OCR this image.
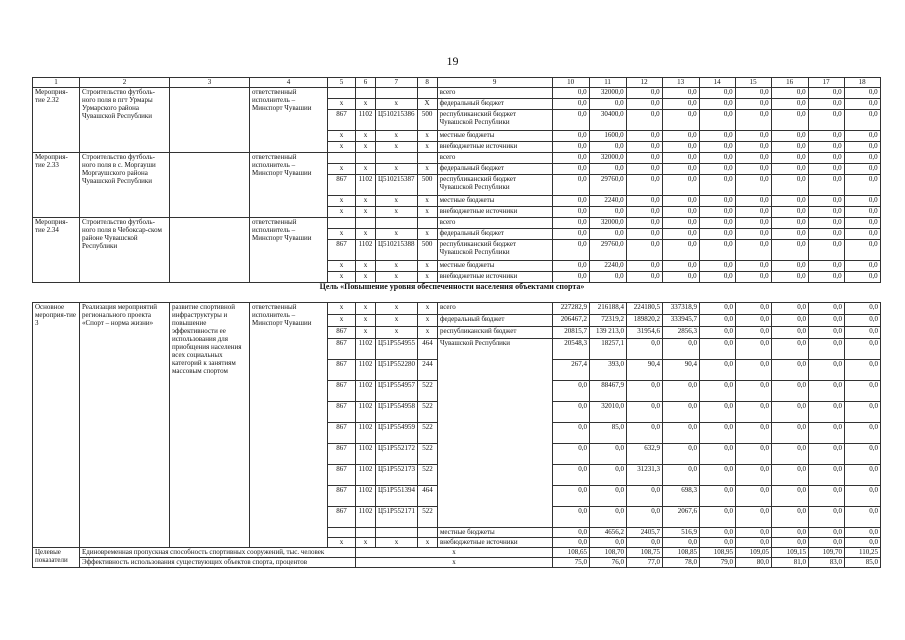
19
1	2	3	4	5	6	7	8	9	10	11	12	13	14	15	16	17	18
Мероприя-тие 2.32	Строительство футболь-ного поля в пгт Урмары Урмарского района Чувашской Республики		ответственный исполнитель – Минспорт Чувашии					всего	0,0	32000,0	0,0	0,0	0,0	0,0	0,0	0,0	0,0
				x	x	x	X	федеральный бюджет	0,0	0,0	0,0	0,0	0,0	0,0	0,0	0,0	0,0
				867	1102	Ц510215386	500	республиканский бюджет Чувашской Республики	0,0	30400,0	0,0	0,0	0,0	0,0	0,0	0,0	0,0
				x	x	x	x	местные бюджеты	0,0	1600,0	0,0	0,0	0,0	0,0	0,0	0,0	0,0
				x	x	x	x	внебюджетные источники	0,0	0,0	0,0	0,0	0,0	0,0	0,0	0,0	0,0
Мероприя-тие 2.33	Строительство футболь-ного поля в с. Моргауши Моргаушского района Чувашской Республики		ответственный исполнитель – Минспорт Чувашии					всего	0,0	32000,0	0,0	0,0	0,0	0,0	0,0	0,0	0,0
				x	x	x	x	федеральный бюджет	0,0	0,0	0,0	0,0	0,0	0,0	0,0	0,0	0,0
				867	1102	Ц510215387	500	республиканский бюджет Чувашской Республики	0,0	29760,0	0,0	0,0	0,0	0,0	0,0	0,0	0,0
				x	x	x	x	местные бюджеты	0,0	2240,0	0,0	0,0	0,0	0,0	0,0	0,0	0,0
				x	x	x	x	внебюджетные источники	0,0	0,0	0,0	0,0	0,0	0,0	0,0	0,0	0,0
Мероприя-тие 2.34	Строительство футболь-ного поля в Чебоксар-ском районе Чувашской Республики		ответственный исполнитель – Минспорт Чувашии					всего	0,0	32000,0	0,0	0,0	0,0	0,0	0,0	0,0	0,0
				x	x	x	x	федеральный бюджет	0,0	0,0	0,0	0,0	0,0	0,0	0,0	0,0	0,0
				867	1102	Ц510215388	500	республиканский бюджет Чувашской Республики	0,0	29760,0	0,0	0,0	0,0	0,0	0,0	0,0	0,0
				x	x	x	x	местные бюджеты	0,0	2240,0	0,0	0,0	0,0	0,0	0,0	0,0	0,0
				x	x	x	x	внебюджетные источники	0,0	0,0	0,0	0,0	0,0	0,0	0,0	0,0	0,0
Цель «Повышение уровня обеспеченности населения объектами спорта»
Основное мероприя-тие 3	Реализация мероприятий регионального проекта «Спорт – норма жизни»	развитие спортивной инфраструктуры и повышение эффективности ее использования для приобщения населения всех социальных категорий к занятиям массовым спортом	ответственный исполнитель – Минспорт Чувашии	x	x	x	x	всего	227282,9	216188,4	224180,5	337318,9	0,0	0,0	0,0	0,0	0,0
				x	x	x	x	федеральный бюджет	206467,2	72319,2	189820,2	333945,7	0,0	0,0	0,0	0,0	0,0
				867	x	x	x	республиканский бюджет	20815,7	139 213,0	31954,6	2856,3	0,0	0,0	0,0	0,0	0,0
				867	1102	Ц51Р554955	464	Чувашской Республики	20548,3	18257,1	0,0	0,0	0,0	0,0	0,0	0,0	0,0
				867	1102	Ц51Р552280	244		267,4	393,0	90,4	90,4	0,0	0,0	0,0	0,0	0,0
				867	1102	Ц51Р554957	522		0,0	88467,9	0,0	0,0	0,0	0,0	0,0	0,0	0,0
				867	1102	Ц51Р554958	522		0,0	32010,0	0,0	0,0	0,0	0,0	0,0	0,0	0,0
				867	1102	Ц51Р554959	522		0,0	85,0	0,0	0,0	0,0	0,0	0,0	0,0	0,0
				867	1102	Ц51Р552172	522		0,0	0,0	632,9	0,0	0,0	0,0	0,0	0,0	0,0
				867	1102	Ц51Р552173	522		0,0	0,0	31231,3	0,0	0,0	0,0	0,0	0,0	0,0
				867	1102	Ц51Р551394	464		0,0	0,0	0,0	698,3	0,0	0,0	0,0	0,0	0,0
				867	1102	Ц51Р552171	522		0,0	0,0	0,0	2067,6	0,0	0,0	0,0	0,0	0,0
								местные бюджеты	0,0	4656,2	2405,7	516,9	0,0	0,0	0,0	0,0	0,0
				x	x	x	x	внебюджетные источники	0,0	0,0	0,0	0,0	0,0	0,0	0,0	0,0	0,0
Целевые показатели	Единовременная пропускная способность спортивных сооружений, тыс. человек				x				108,65	108,70	108,75	108,85	108,95	109,05	109,15	109,70	110,25
	Эффективность использования существующих объектов спорта, процентов				x				75,0	76,0	77,0	78,0	79,0	80,0	81,0	83,0	85,0
